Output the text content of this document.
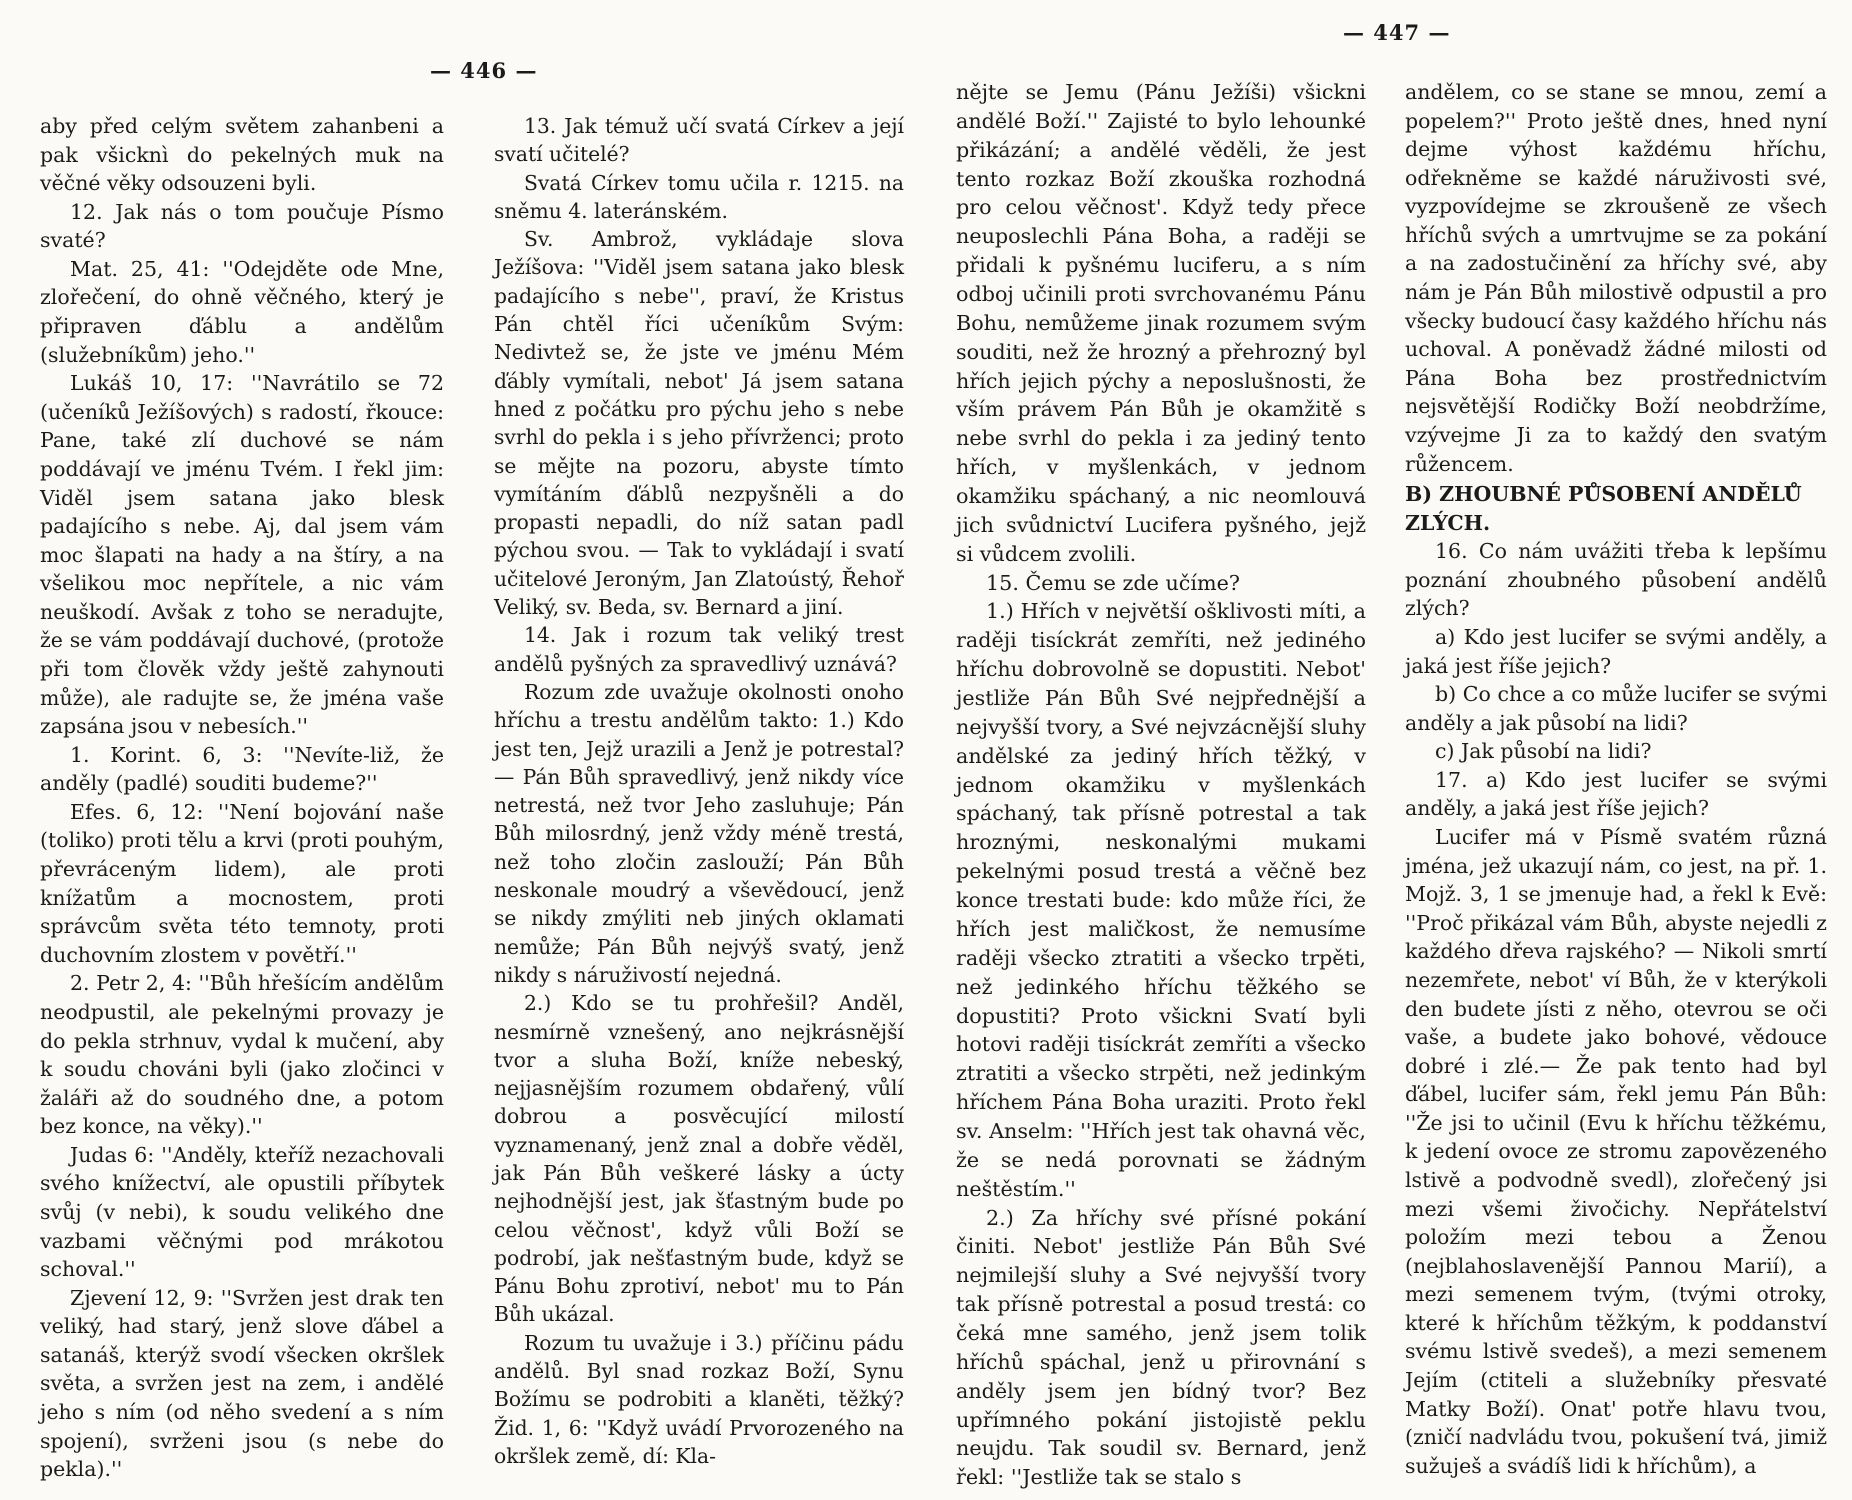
— 446 —
— 447 —

aby před celým světem zahanbeni a pak všicknì do pekelných muk na věčné věky odsouzeni byli.

12. Jak nás o tom poučuje Písmo svaté?

Mat. 25, 41: ''Odejděte ode Mne, zlořečení, do ohně věčného, který je připraven ďáblu a andělům (služebníkům) jeho.''

Lukáš 10, 17: ''Navrátilo se 72 (učeníků Ježíšových) s radostí, řkouce: Pane, také zlí duchové se nám poddávají ve jménu Tvém. I řekl jim: Viděl jsem satana jako blesk padajícího s nebe. Aj, dal jsem vám moc šlapati na hady a na štíry, a na všelikou moc nepřítele, a nic vám neuškodí. Avšak z toho se neradujte, že se vám poddávají duchové, (protože při tom člověk vždy ještě zahynouti může), ale radujte se, že jména vaše zapsána jsou v nebesích.''

1. Korint. 6, 3: ''Nevíte-liž, že anděly (padlé) souditi budeme?''

Efes. 6, 12: ''Není bojování naše (toliko) proti tělu a krvi (proti pouhým, převráceným lidem), ale proti knížatům a mocnostem, proti správcům světa této temnoty, proti duchovním zlostem v povětří.''

2. Petr 2, 4: ''Bůh hřešícím andělům neodpustil, ale pekelnými provazy je do pekla strhnuv, vydal k mučení, aby k soudu chováni byli (jako zločinci v žaláři až do soudného dne, a potom bez konce, na věky).''

Judas 6: ''Anděly, kteříž nezachovali svého knížectví, ale opustili příbytek svůj (v nebi), k soudu velikého dne vazbami věčnými pod mrákotou schoval.''

Zjevení 12, 9: ''Svržen jest drak ten veliký, had starý, jenž slove ďábel a satanáš, kterýž svodí všecken okršlek světa, a svržen jest na zem, i andělé jeho s ním (od něho svedení a s ním spojení), svrženi jsou (s nebe do pekla).''

13. Jak témuž učí svatá Církev a její svatí učitelé?

Svatá Církev tomu učila r. 1215. na sněmu 4. lateránském.

Sv. Ambrož, vykládaje slova Ježíšova: ''Viděl jsem satana jako blesk padajícího s nebe'', praví, že Kristus Pán chtěl říci učeníkům Svým: Nedivtež se, že jste ve jménu Mém ďábly vymítali, nebot' Já jsem satana hned z počátku pro pýchu jeho s nebe svrhl do pekla i s jeho přívrženci; proto se mějte na pozoru, abyste tímto vymítáním ďáblů nezpyšněli a do propasti nepadli, do níž satan padl pýchou svou. — Tak to vykládají i svatí učitelové Jeroným, Jan Zlatoústý, Řehoř Veliký, sv. Beda, sv. Bernard a jiní.

14. Jak i rozum tak veliký trest andělů pyšných za spravedlivý uznává?

Rozum zde uvažuje okolnosti onoho hříchu a trestu andělům takto: 1.) Kdo jest ten, Jejž urazili a Jenž je potrestal? — Pán Bůh spravedlivý, jenž nikdy více netrestá, než tvor Jeho zasluhuje; Pán Bůh milosrdný, jenž vždy méně trestá, než toho zločin zaslouží; Pán Bůh neskonale moudrý a vševědoucí, jenž se nikdy zmýliti neb jiných oklamati nemůže; Pán Bůh nejvýš svatý, jenž nikdy s náruživostí nejedná.

2.) Kdo se tu prohřešil? Anděl, nesmírně vznešený, ano nejkrásnější tvor a sluha Boží, kníže nebeský, nejjasnějším rozumem obdařený, vůlí dobrou a posvěcující milostí vyznamenaný, jenž znal a dobře věděl, jak Pán Bůh veškeré lásky a úcty nejhodnější jest, jak šťastným bude po celou věčnost', když vůli Boží se podrobí, jak nešťastným bude, když se Pánu Bohu zprotiví, nebot' mu to Pán Bůh ukázal.

Rozum tu uvažuje i 3.) příčinu pádu andělů. Byl snad rozkaz Boží, Synu Božímu se podrobiti a klaněti, těžký? Žid. 1, 6: ''Když uvádí Prvorozeného na okršlek země, dí: Kla-

nějte se Jemu (Pánu Ježíši) všickni andělé Boží.'' Zajisté to bylo lehounké přikázání; a andělé věděli, že jest tento rozkaz Boží zkouška rozhodná pro celou věčnost'. Když tedy přece neuposlechli Pána Boha, a raději se přidali k pyšnému luciferu, a s ním odboj učinili proti svrchovanému Pánu Bohu, nemůžeme jinak rozumem svým souditi, než že hrozný a přehrozný byl hřích jejich pýchy a neposlušnosti, že vším právem Pán Bůh je okamžitě s nebe svrhl do pekla i za jediný tento hřích, v myšlenkách, v jednom okamžiku spáchaný, a nic neomlouvá jich svůdnictví Lucifera pyšného, jejž si vůdcem zvolili.

15. Čemu se zde učíme?

1.) Hřích v největší ošklivosti míti, a raději tisíckrát zemříti, než jediného hříchu dobrovolně se dopustiti. Nebot' jestliže Pán Bůh Své nejpřednější a nejvyšší tvory, a Své nejvzácnější sluhy andělské za jediný hřích těžký, v jednom okamžiku v myšlenkách spáchaný, tak přísně potrestal a tak hroznými, neskonalými mukami pekelnými posud trestá a věčně bez konce trestati bude: kdo může říci, že hřích jest maličkost, že nemusíme raději všecko ztratiti a všecko trpěti, než jedinkého hříchu těžkého se dopustiti? Proto všickni Svatí byli hotovi raději tisíckrát zemříti a všecko ztratiti a všecko strpěti, než jedinkým hříchem Pána Boha uraziti. Proto řekl sv. Anselm: ''Hřích jest tak ohavná věc, že se nedá porovnati se žádným neštěstím.''

2.) Za hříchy své přísné pokání činiti. Nebot' jestliže Pán Bůh Své nejmilejší sluhy a Své nejvyšší tvory tak přísně potrestal a posud trestá: co čeká mne samého, jenž jsem tolik hříchů spáchal, jenž u přirovnání s anděly jsem jen bídný tvor? Bez upřímného pokání jistojistě peklu neujdu. Tak soudil sv. Bernard, jenž řekl: ''Jestliže tak se stalo s

andělem, co se stane se mnou, zemí a popelem?'' Proto ještě dnes, hned nyní dejme výhost každému hříchu, odřekněme se každé náruživosti své, vyzpovídejme se zkroušeně ze všech hříchů svých a umrtvujme se za pokání a na zadostučinění za hříchy své, aby nám je Pán Bůh milostivě odpustil a pro všecky budoucí časy každého hříchu nás uchoval. A poněvadž žádné milosti od Pána Boha bez prostřednictvím nejsvětější Rodičky Boží neobdržíme, vzývejme Ji za to každý den svatým růžencem.

B) ZHOUBNÉ PŮSOBENÍ ANDĚLŮ ZLÝCH.

16. Co nám uvážiti třeba k lepšímu poznání zhoubného působení andělů zlých?

a) Kdo jest lucifer se svými anděly, a jaká jest říše jejich?

b) Co chce a co může lucifer se svými anděly a jak působí na lidi?

c) Jak působí na lidi?

17. a) Kdo jest lucifer se svými anděly, a jaká jest říše jejich?

Lucifer má v Písmě svatém různá jména, jež ukazují nám, co jest, na př. 1. Mojž. 3, 1 se jmenuje had, a řekl k Evě: ''Proč přikázal vám Bůh, abyste nejedli z každého dřeva rajského? — Nikoli smrtí nezemřete, nebot' ví Bůh, že v kterýkoli den budete jísti z něho, otevrou se oči vaše, a budete jako bohové, vědouce dobré i zlé.— Že pak tento had byl ďábel, lucifer sám, řekl jemu Pán Bůh: ''Že jsi to učinil (Evu k hříchu těžkému, k jedení ovoce ze stromu zapovězeného lstivě a podvodně svedl), zlořečený jsi mezi všemi živočichy. Nepřátelství položím mezi tebou a Ženou (nejblahoslavenější Pannou Marií), a mezi semenem tvým, (tvými otroky, které k hříchům těžkým, k poddanství svému lstivě svedeš), a mezi semenem Jejím (ctiteli a služebníky přesvaté Matky Boží). Onat' potře hlavu tvou, (zničí nadvládu tvou, pokušení tvá, jimiž sužuješ a svádíš lidi k hříchům), a
